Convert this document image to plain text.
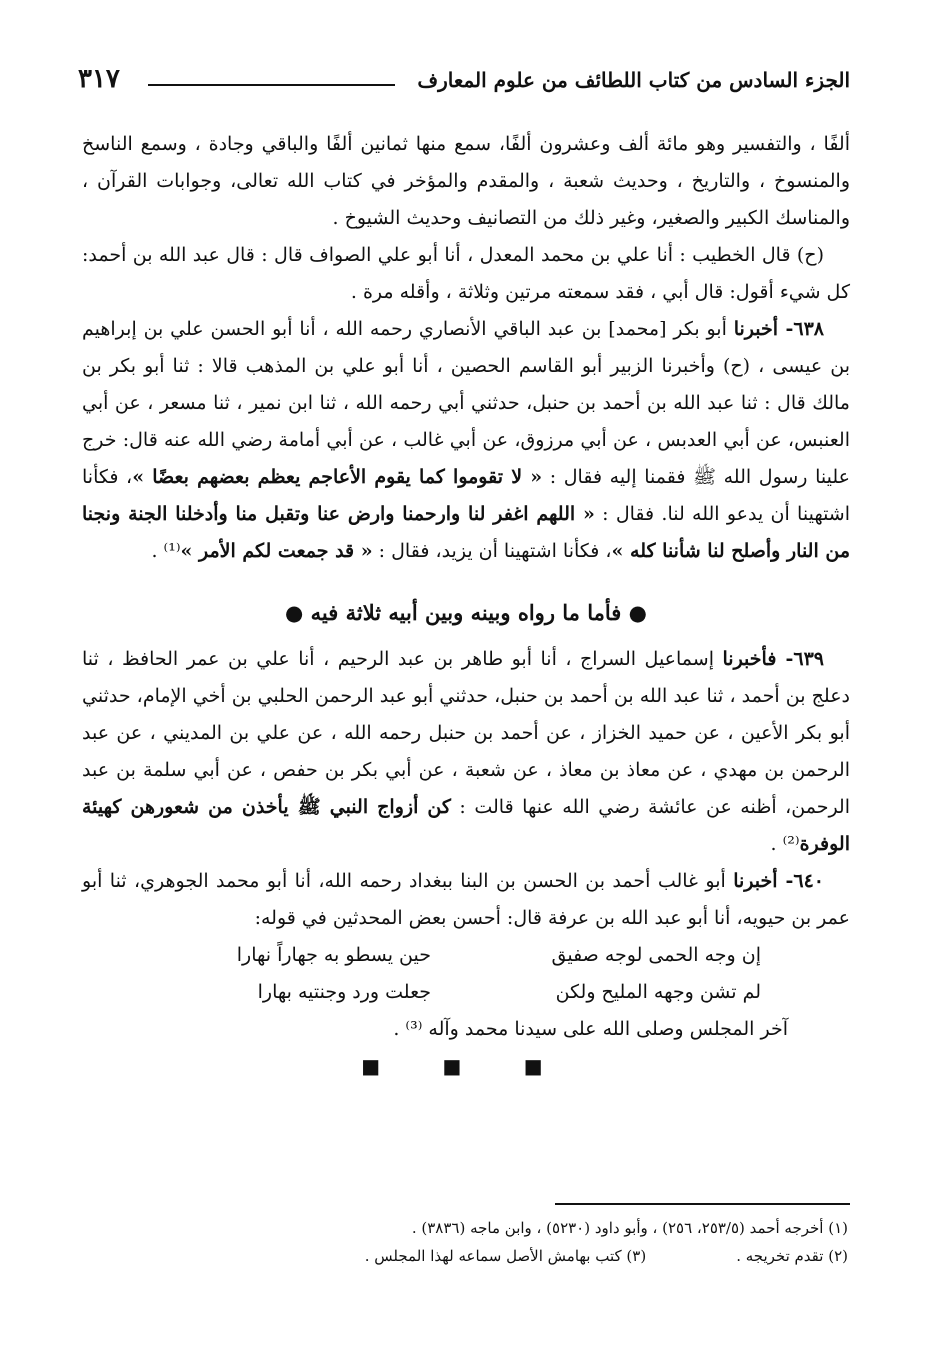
الجزء السادس من كتاب اللطائف من علوم المعارف
٣١٧

ألفًا ، والتفسير وهو مائة ألف وعشرون ألفًا، سمع منها ثمانين ألفًا والباقي وجادة ، وسمع الناسخ والمنسوخ ، والتاريخ ، وحديث شعبة ، والمقدم والمؤخر في كتاب الله تعالى، وجوابات القرآن ، والمناسك الكبير والصغير، وغير ذلك من التصانيف وحديث الشيوخ .

(ح) قال الخطيب : أنا علي بن محمد المعدل ، أنا أبو علي الصواف قال : قال عبد الله بن أحمد: كل شيء أقول: قال أبي ، فقد سمعته مرتين وثلاثة ، وأقله مرة .

٦٣٨- أخبرنا أبو بكر [محمد] بن عبد الباقي الأنصاري رحمه الله ، أنا أبو الحسن علي بن إبراهيم بن عيسى ، (ح) وأخبرنا الزبير أبو القاسم الحصين ، أنا أبو علي بن المذهب قالا : ثنا أبو بكر بن مالك قال : ثنا عبد الله بن أحمد بن حنبل، حدثني أبي رحمه الله ، ثنا ابن نمير ، ثنا مسعر ، عن أبي العنبس، عن أبي العدبس ، عن أبي مرزوق، عن أبي غالب ، عن أبي أمامة رضي الله عنه قال: خرج علينا رسول الله ﷺ فقمنا إليه فقال : « لا تقوموا كما يقوم الأعاجم يعظم بعضهم بعضًا »، فكأنا اشتهينا أن يدعو الله لنا. فقال : « اللهم اغفر لنا وارحمنا وارض عنا وتقبل منا وأدخلنا الجنة ونجنا من النار وأصلح لنا شأننا كله »، فكأنا اشتهينا أن يزيد، فقال : « قد جمعت لكم الأمر »⁽¹⁾ .

● فأما ما رواه وبينه وبين أبيه ثلاثة فيه ●

٦٣٩- فأخبرنا إسماعيل السراج ، أنا أبو طاهر بن عبد الرحيم ، أنا علي بن عمر الحافظ ، ثنا دعلج بن أحمد ، ثنا عبد الله بن أحمد بن حنبل، حدثني أبو عبد الرحمن الحلبي بن أخي الإمام، حدثني أبو بكر الأعين ، عن حميد الخزاز ، عن أحمد بن حنبل رحمه الله ، عن علي بن المديني ، عن عبد الرحمن بن مهدي ، عن معاذ بن معاذ ، عن شعبة ، عن أبي بكر بن حفص ، عن أبي سلمة بن عبد الرحمن، أظنه عن عائشة رضي الله عنها قالت : كن أزواج النبي ﷺ يأخذن من شعورهن كهيئة الوفرة⁽²⁾ .

٦٤٠- أخبرنا أبو غالب أحمد بن الحسن بن البنا ببغداد رحمه الله، أنا أبو محمد الجوهري، ثنا أبو عمر بن حيويه، أنا أبو عبد الله بن عرفة قال: أحسن بعض المحدثين في قوله:

إن وجه الحمى لوجه صفيق
حين يسطو به جهاراً نهارا
لم تشن وجهه المليح ولكن
جعلت ورد وجنتيه بهارا

آخر المجلس وصلى الله على سيدنا محمد وآله ⁽³⁾ .

■ ■ ■

(١) أخرجه أحمد (٢٥٣/٥، ٢٥٦) ، وأبو داود (٥٢٣٠) ، وابن ماجه (٣٨٣٦) .

(٢) تقدم تخريجه .
(٣) كتب بهامش الأصل سماعه لهذا المجلس .
